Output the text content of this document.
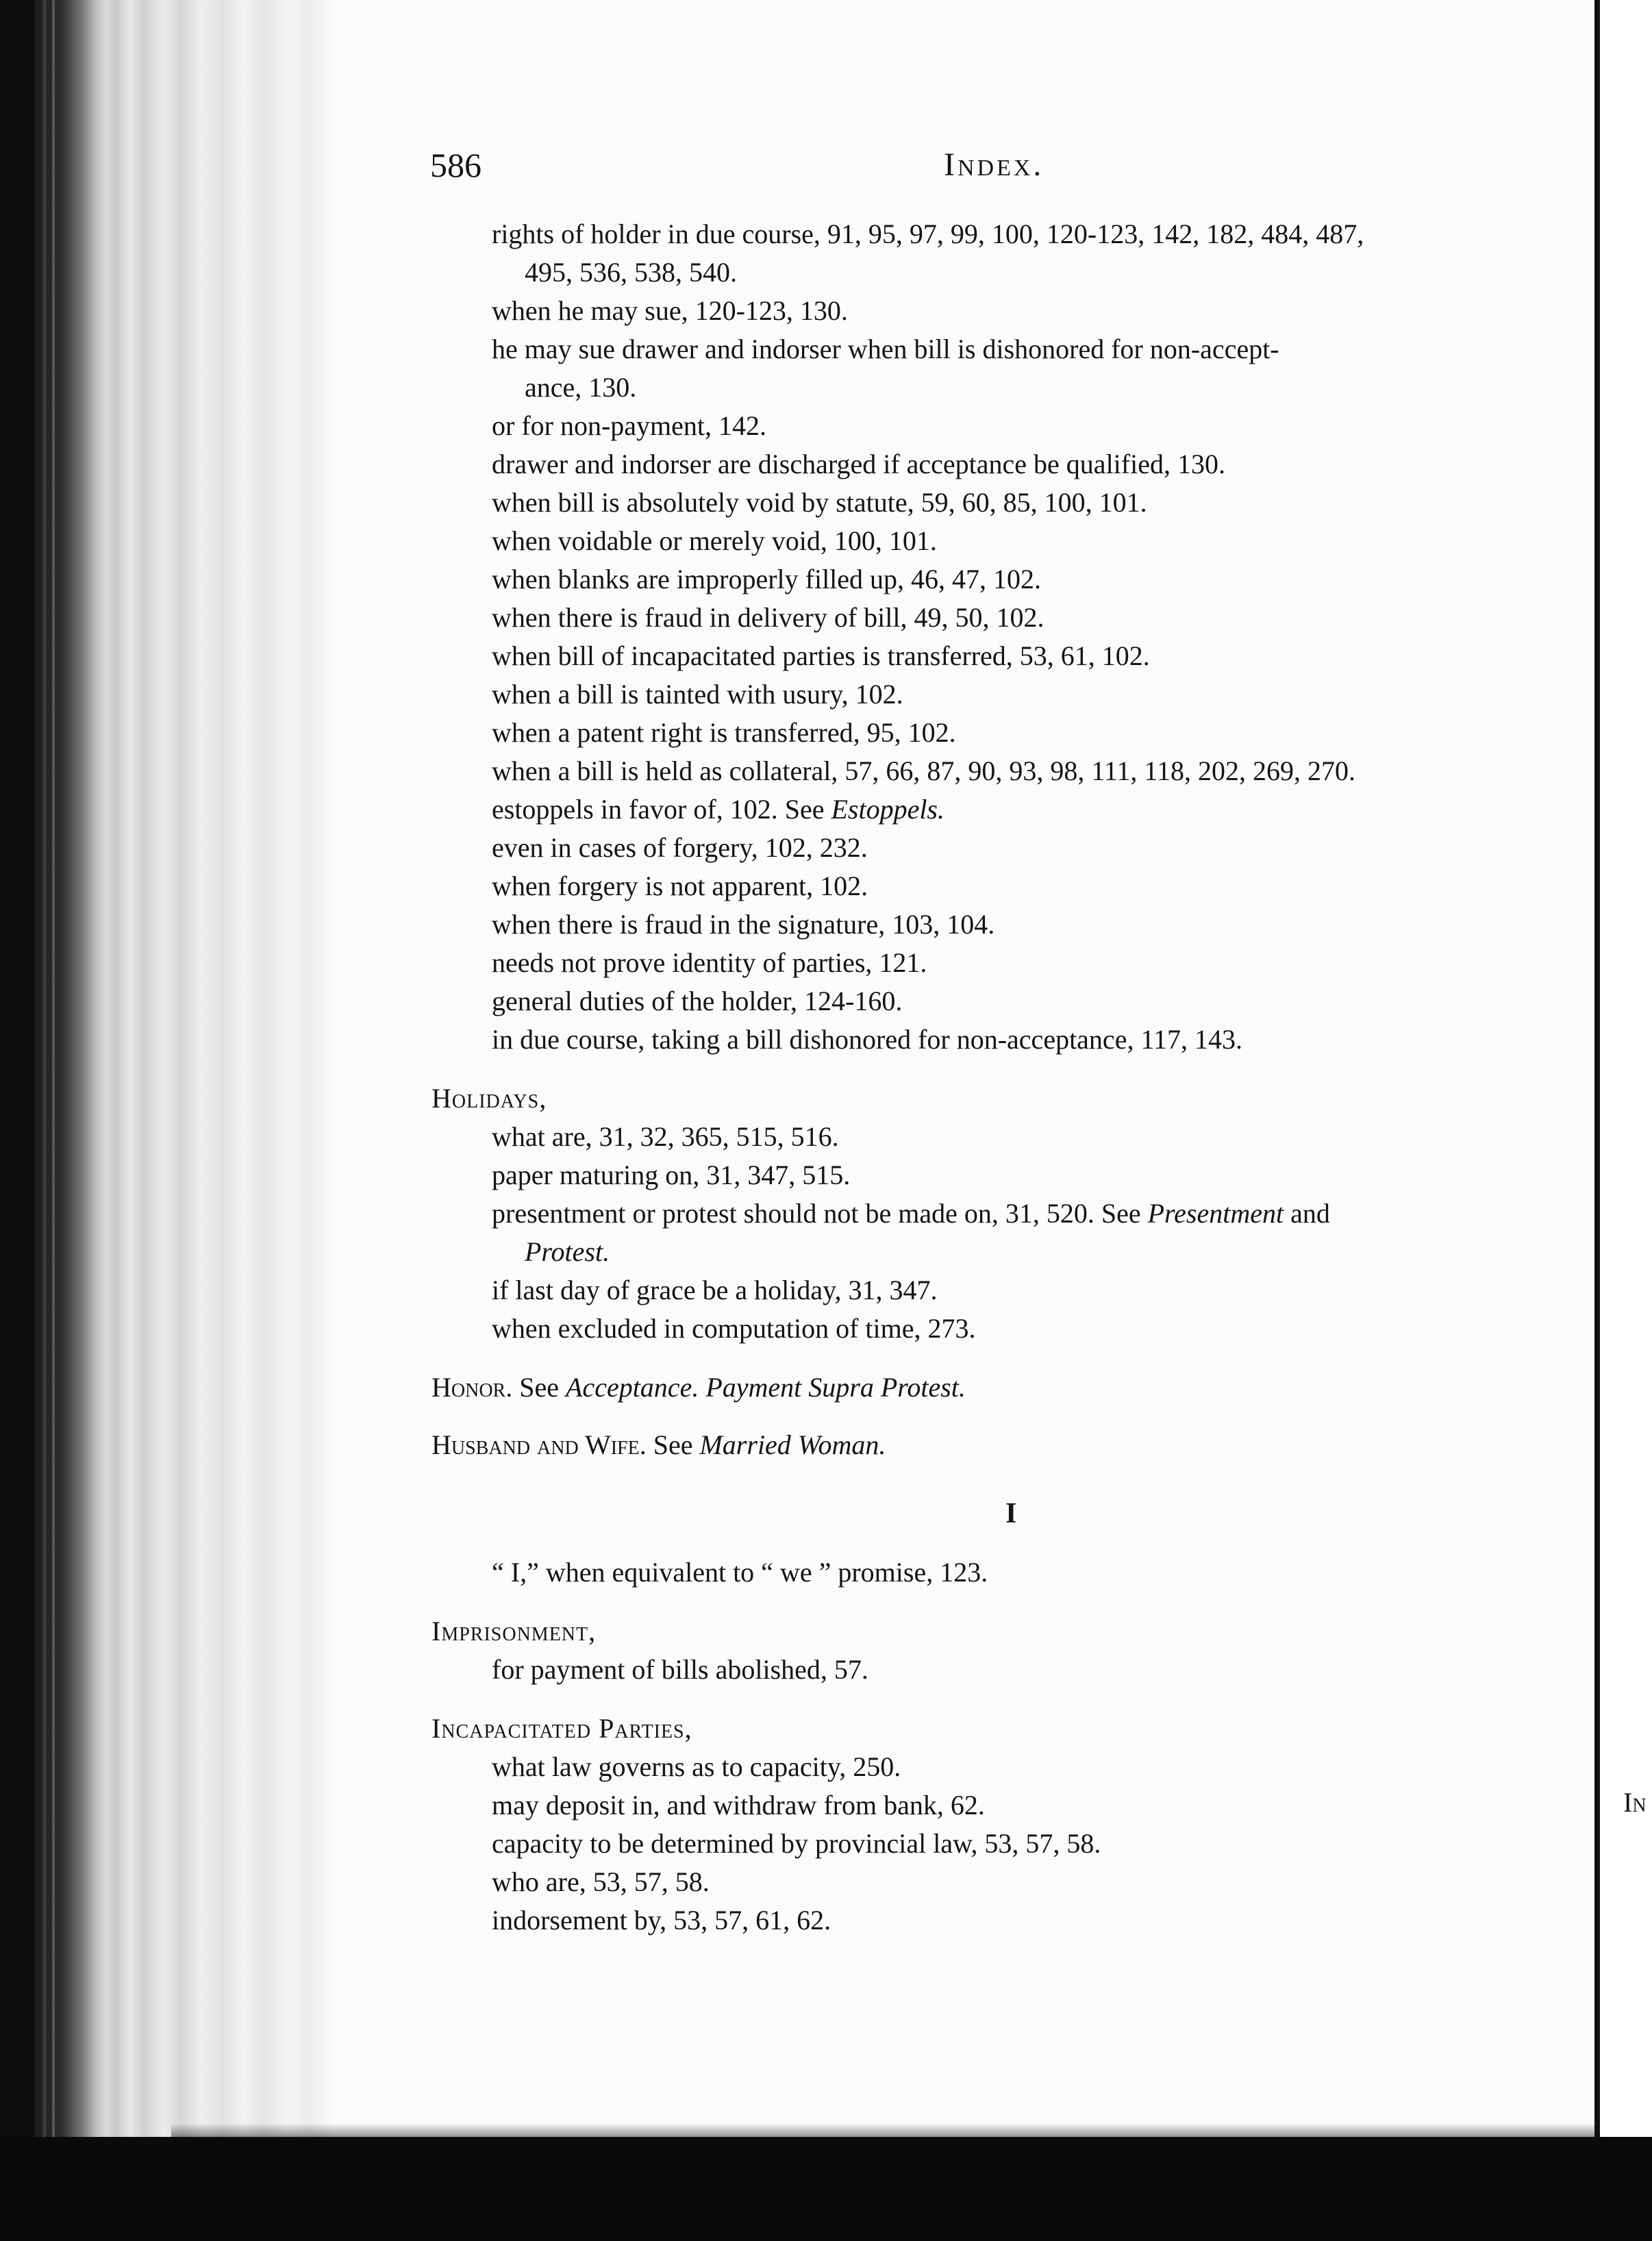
586	Index.
rights of holder in due course, 91, 95, 97, 99, 100, 120-123, 142, 182, 484, 487,
495, 536, 538, 540.
when he may sue, 120-123, 130.
he may sue drawer and indorser when bill is dishonored for non-accept-
ance, 130.
or for non-payment, 142.
drawer and indorser are discharged if acceptance be qualified, 130.
when bill is absolutely void by statute, 59, 60, 85, 100, 101.
when voidable or merely void, 100, 101.
when blanks are improperly filled up, 46, 47, 102.
when there is fraud in delivery of bill, 49, 50, 102.
when bill of incapacitated parties is transferred, 53, 61, 102.
when a bill is tainted with usury, 102.
when a patent right is transferred, 95, 102.
when a bill is held as collateral, 57, 66, 87, 90, 93, 98, 111, 118, 202, 269, 270.
estoppels in favor of, 102. See Estoppels.
even in cases of forgery, 102, 232.
when forgery is not apparent, 102.
when there is fraud in the signature, 103, 104.
needs not prove identity of parties, 121.
general duties of the holder, 124-160.
in due course, taking a bill dishonored for non-acceptance, 117, 143.
Holidays,
what are, 31, 32, 365, 515, 516.
paper maturing on, 31, 347, 515.
presentment or protest should not be made on, 31, 520. See Presentment and
Protest.
if last day of grace be a holiday, 31, 347.
when excluded in computation of time, 273.
Honor. See Acceptance. Payment Supra Protest.
Husband and Wife. See Married Woman.
I
“ I,” when equivalent to “ we ” promise, 123.
Imprisonment,
for payment of bills abolished, 57.
Incapacitated Parties,
what law governs as to capacity, 250.
may deposit in, and withdraw from bank, 62.
capacity to be determined by provincial law, 53, 57, 58.
who are, 53, 57, 58.
indorsement by, 53, 57, 61, 62.
In
